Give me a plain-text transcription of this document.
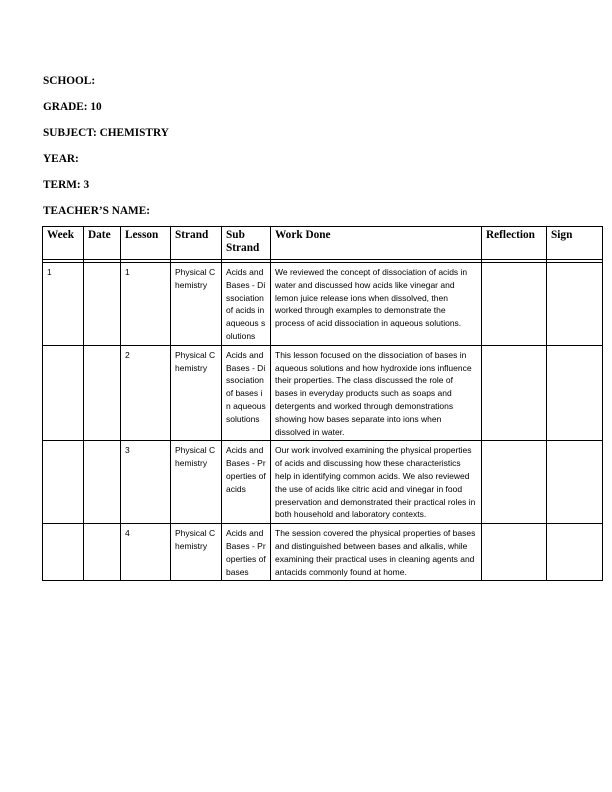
SCHOOL:
GRADE: 10
SUBJECT: CHEMISTRY
YEAR:
TERM: 3
TEACHER’S NAME:
Week	Date	Lesson	Strand	Sub Strand	Work Done	Reflection	Sign

1		1	Physical Chemistry	Acids and Bases - Dissociation of acids in aqueous solutions	We reviewed the concept of dissociation of acids in water and discussed how acids like vinegar and lemon juice release ions when dissolved, then worked through examples to demonstrate the process of acid dissociation in aqueous solutions.		
		2	Physical Chemistry	Acids and Bases - Dissociation of bases in aqueous solutions	This lesson focused on the dissociation of bases in aqueous solutions and how hydroxide ions influence their properties. The class discussed the role of bases in everyday products such as soaps and detergents and worked through demonstrations showing how bases separate into ions when dissolved in water.		
		3	Physical Chemistry	Acids and Bases - Properties of acids	Our work involved examining the physical properties of acids and discussing how these characteristics help in identifying common acids. We also reviewed the use of acids like citric acid and vinegar in food preservation and demonstrated their practical roles in both household and laboratory contexts.		
		4	Physical Chemistry	Acids and Bases - Properties of bases	The session covered the physical properties of bases and distinguished between bases and alkalis, while examining their practical uses in cleaning agents and antacids commonly found at home.		
